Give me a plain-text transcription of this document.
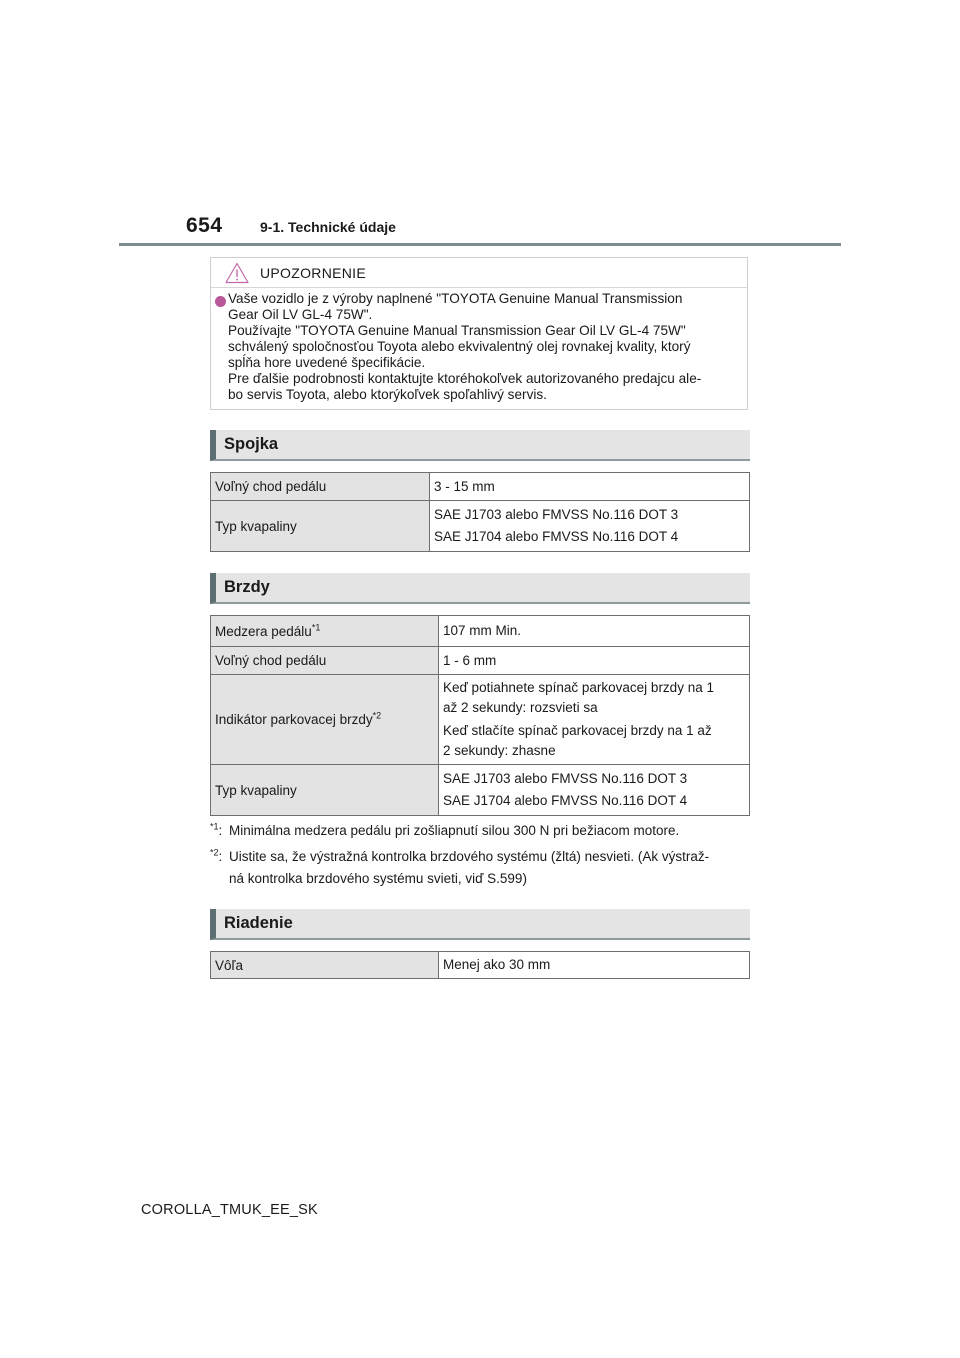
654	9-1. Technické údaje
UPOZORNENIE
Vaše vozidlo je z výroby naplnené "TOYOTA Genuine Manual Transmission
Gear Oil LV GL-4 75W".
Používajte "TOYOTA Genuine Manual Transmission Gear Oil LV GL-4 75W"
schválený spoločnosťou Toyota alebo ekvivalentný olej rovnakej kvality, ktorý
spĺňa hore uvedené špecifikácie.
Pre ďalšie podrobnosti kontaktujte ktoréhokoľvek autorizovaného predajcu ale-
bo servis Toyota, alebo ktorýkoľvek spoľahlivý servis.
Spojka
Voľný chod pedálu	3 - 15 mm

Typ kvapaliny	SAE J1703 alebo FMVSS No.116 DOT 3
SAE J1704 alebo FMVSS No.116 DOT 4
Brzdy
Medzera pedálu$^{*1}$	107 mm Min.

Voľný chod pedálu	1 - 6 mm

Indikátor parkovacej brzdy$^{*2}$	Keď potiahnete spínač parkovacej brzdy na 1
až 2 sekundy: rozsvieti sa
Keď stlačíte spínač parkovacej brzdy na 1 až
2 sekundy: zhasne

Typ kvapaliny	SAE J1703 alebo FMVSS No.116 DOT 3
SAE J1704 alebo FMVSS No.116 DOT 4
$^{*1}$: Minimálna medzera pedálu pri zošliapnutí silou 300 N pri bežiacom motore.
$^{*2}$: Uistite sa, že výstražná kontrolka brzdového systému (žltá) nesvieti. (Ak výstraž-
ná kontrolka brzdového systému svieti, viď S.599)
Riadenie
Vôľa	Menej ako 30 mm
COROLLA_TMUK_EE_SK
